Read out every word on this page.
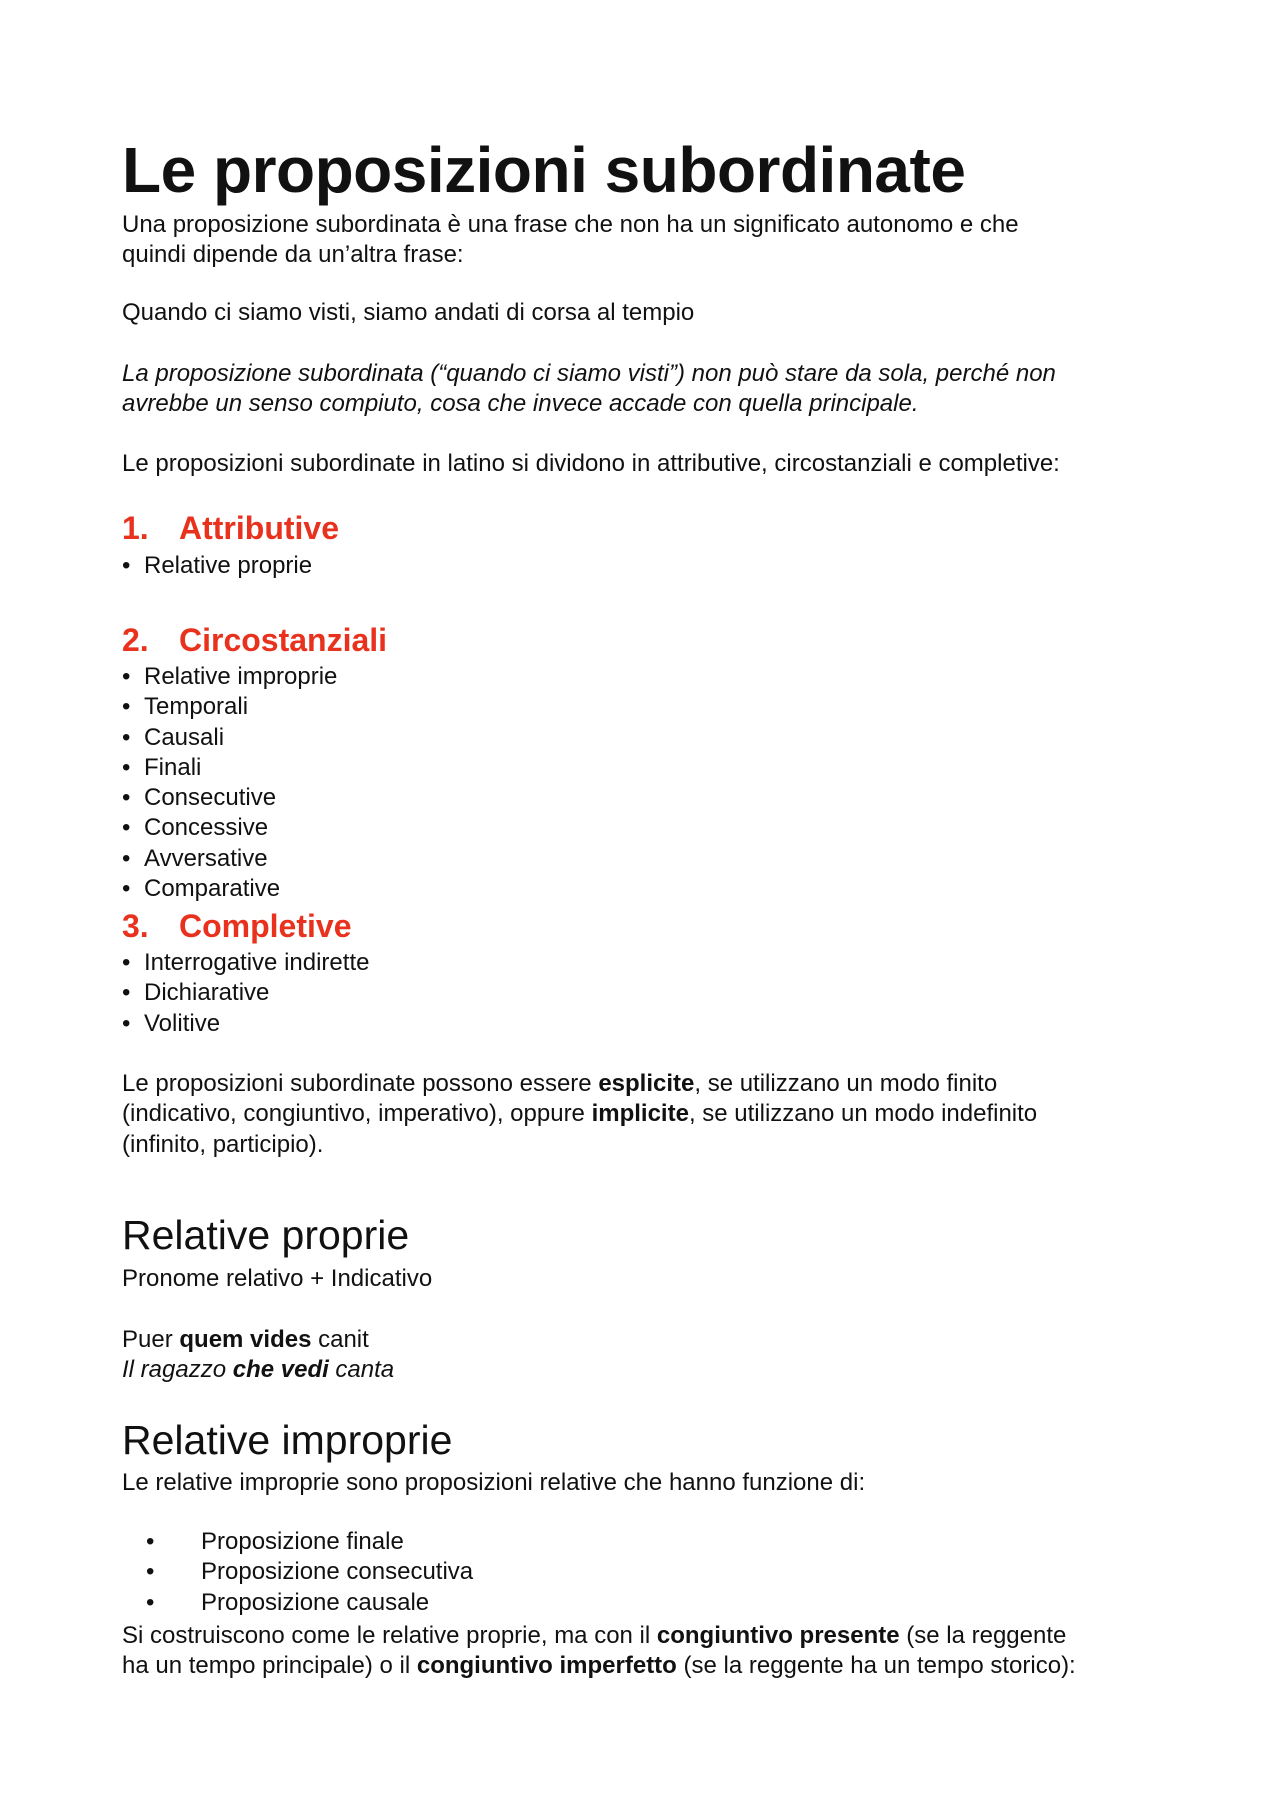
Le proposizioni subordinate
Una proposizione subordinata è una frase che non ha un significato autonomo e che
quindi dipende da un’altra frase:
Quando ci siamo visti, siamo andati di corsa al tempio
La proposizione subordinata (“quando ci siamo visti”) non può stare da sola, perché non
avrebbe un senso compiuto, cosa che invece accade con quella principale.
Le proposizioni subordinate in latino si dividono in attributive, circostanziali e completive:
1. Attributive
• Relative proprie
2. Circostanziali
• Relative improprie
• Temporali
• Causali
• Finali
• Consecutive
• Concessive
• Avversative
• Comparative
3. Completive
• Interrogative indirette
• Dichiarative
• Volitive
Le proposizioni subordinate possono essere esplicite, se utilizzano un modo finito
(indicativo, congiuntivo, imperativo), oppure implicite, se utilizzano un modo indefinito
(infinito, participio).
Relative proprie
Pronome relativo + Indicativo
Puer quem vides canit
Il ragazzo che vedi canta
Relative improprie
Le relative improprie sono proposizioni relative che hanno funzione di:
•	Proposizione finale
•	Proposizione consecutiva
•	Proposizione causale
Si costruiscono come le relative proprie, ma con il congiuntivo presente (se la reggente
ha un tempo principale) o il congiuntivo imperfetto (se la reggente ha un tempo storico):
